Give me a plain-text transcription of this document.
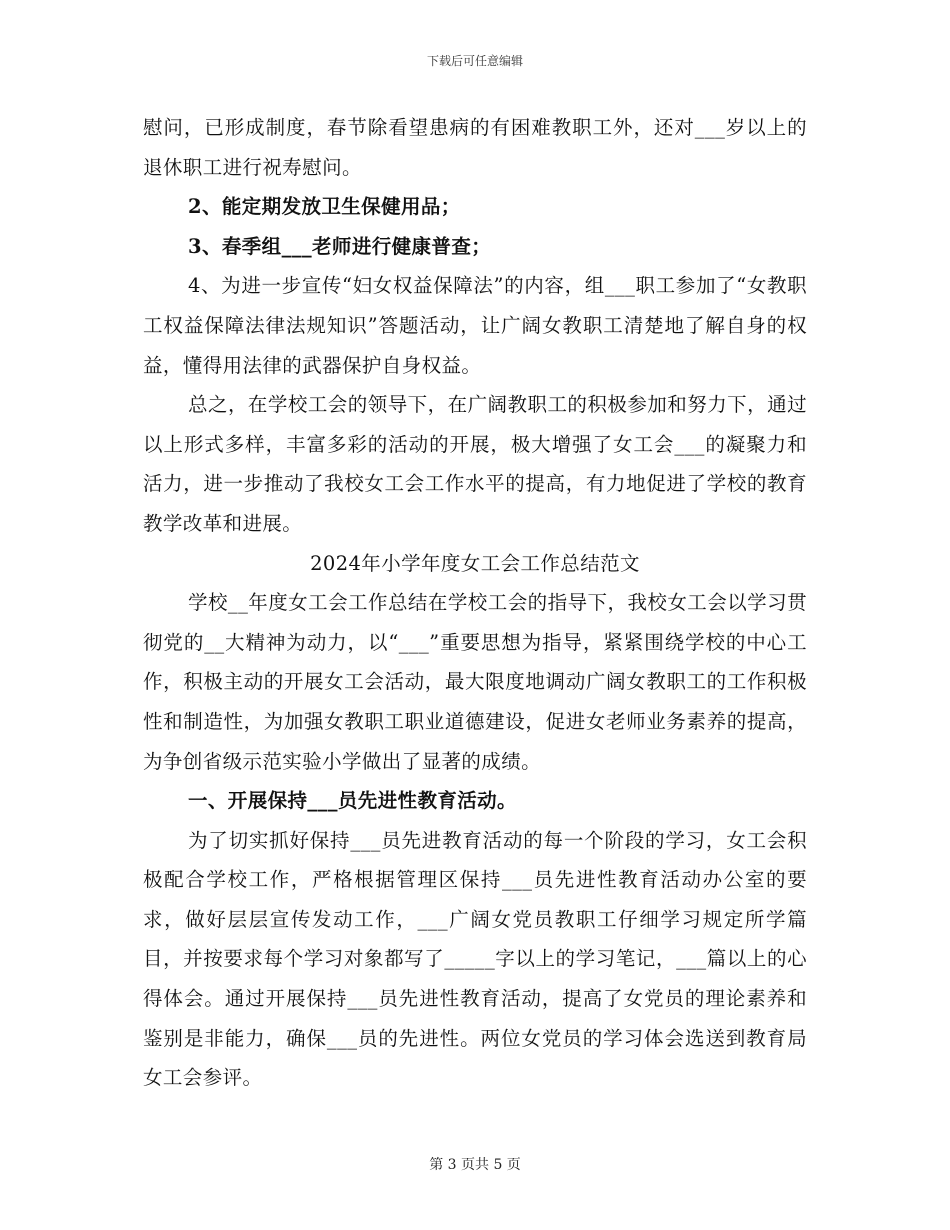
下载后可任意编辑

慰问，已形成制度，春节除看望患病的有困难教职工外，还对___岁以上的退休职工进行祝寿慰问。

2、能定期发放卫生保健用品；

3、春季组___老师进行健康普查；

4、为进一步宣传“妇女权益保障法”的内容，组___职工参加了“女教职工权益保障法律法规知识”答题活动，让广阔女教职工清楚地了解自身的权益，懂得用法律的武器保护自身权益。

总之，在学校工会的领导下，在广阔教职工的积极参加和努力下，通过以上形式多样，丰富多彩的活动的开展，极大增强了女工会___的凝聚力和活力，进一步推动了我校女工会工作水平的提高，有力地促进了学校的教育教学改革和进展。

2024年小学年度女工会工作总结范文

学校__年度女工会工作总结在学校工会的指导下，我校女工会以学习贯彻党的__大精神为动力，以“___”重要思想为指导，紧紧围绕学校的中心工作，积极主动的开展女工会活动，最大限度地调动广阔女教职工的工作积极性和制造性，为加强女教职工职业道德建设，促进女老师业务素养的提高，为争创省级示范实验小学做出了显著的成绩。

一、开展保持___员先进性教育活动。

为了切实抓好保持___员先进教育活动的每一个阶段的学习，女工会积极配合学校工作，严格根据管理区保持___员先进性教育活动办公室的要求，做好层层宣传发动工作，___广阔女党员教职工仔细学习规定所学篇目，并按要求每个学习对象都写了_____字以上的学习笔记，___篇以上的心得体会。通过开展保持___员先进性教育活动，提高了女党员的理论素养和鉴别是非能力，确保___员的先进性。两位女党员的学习体会选送到教育局女工会参评。

第 3 页共 5 页
